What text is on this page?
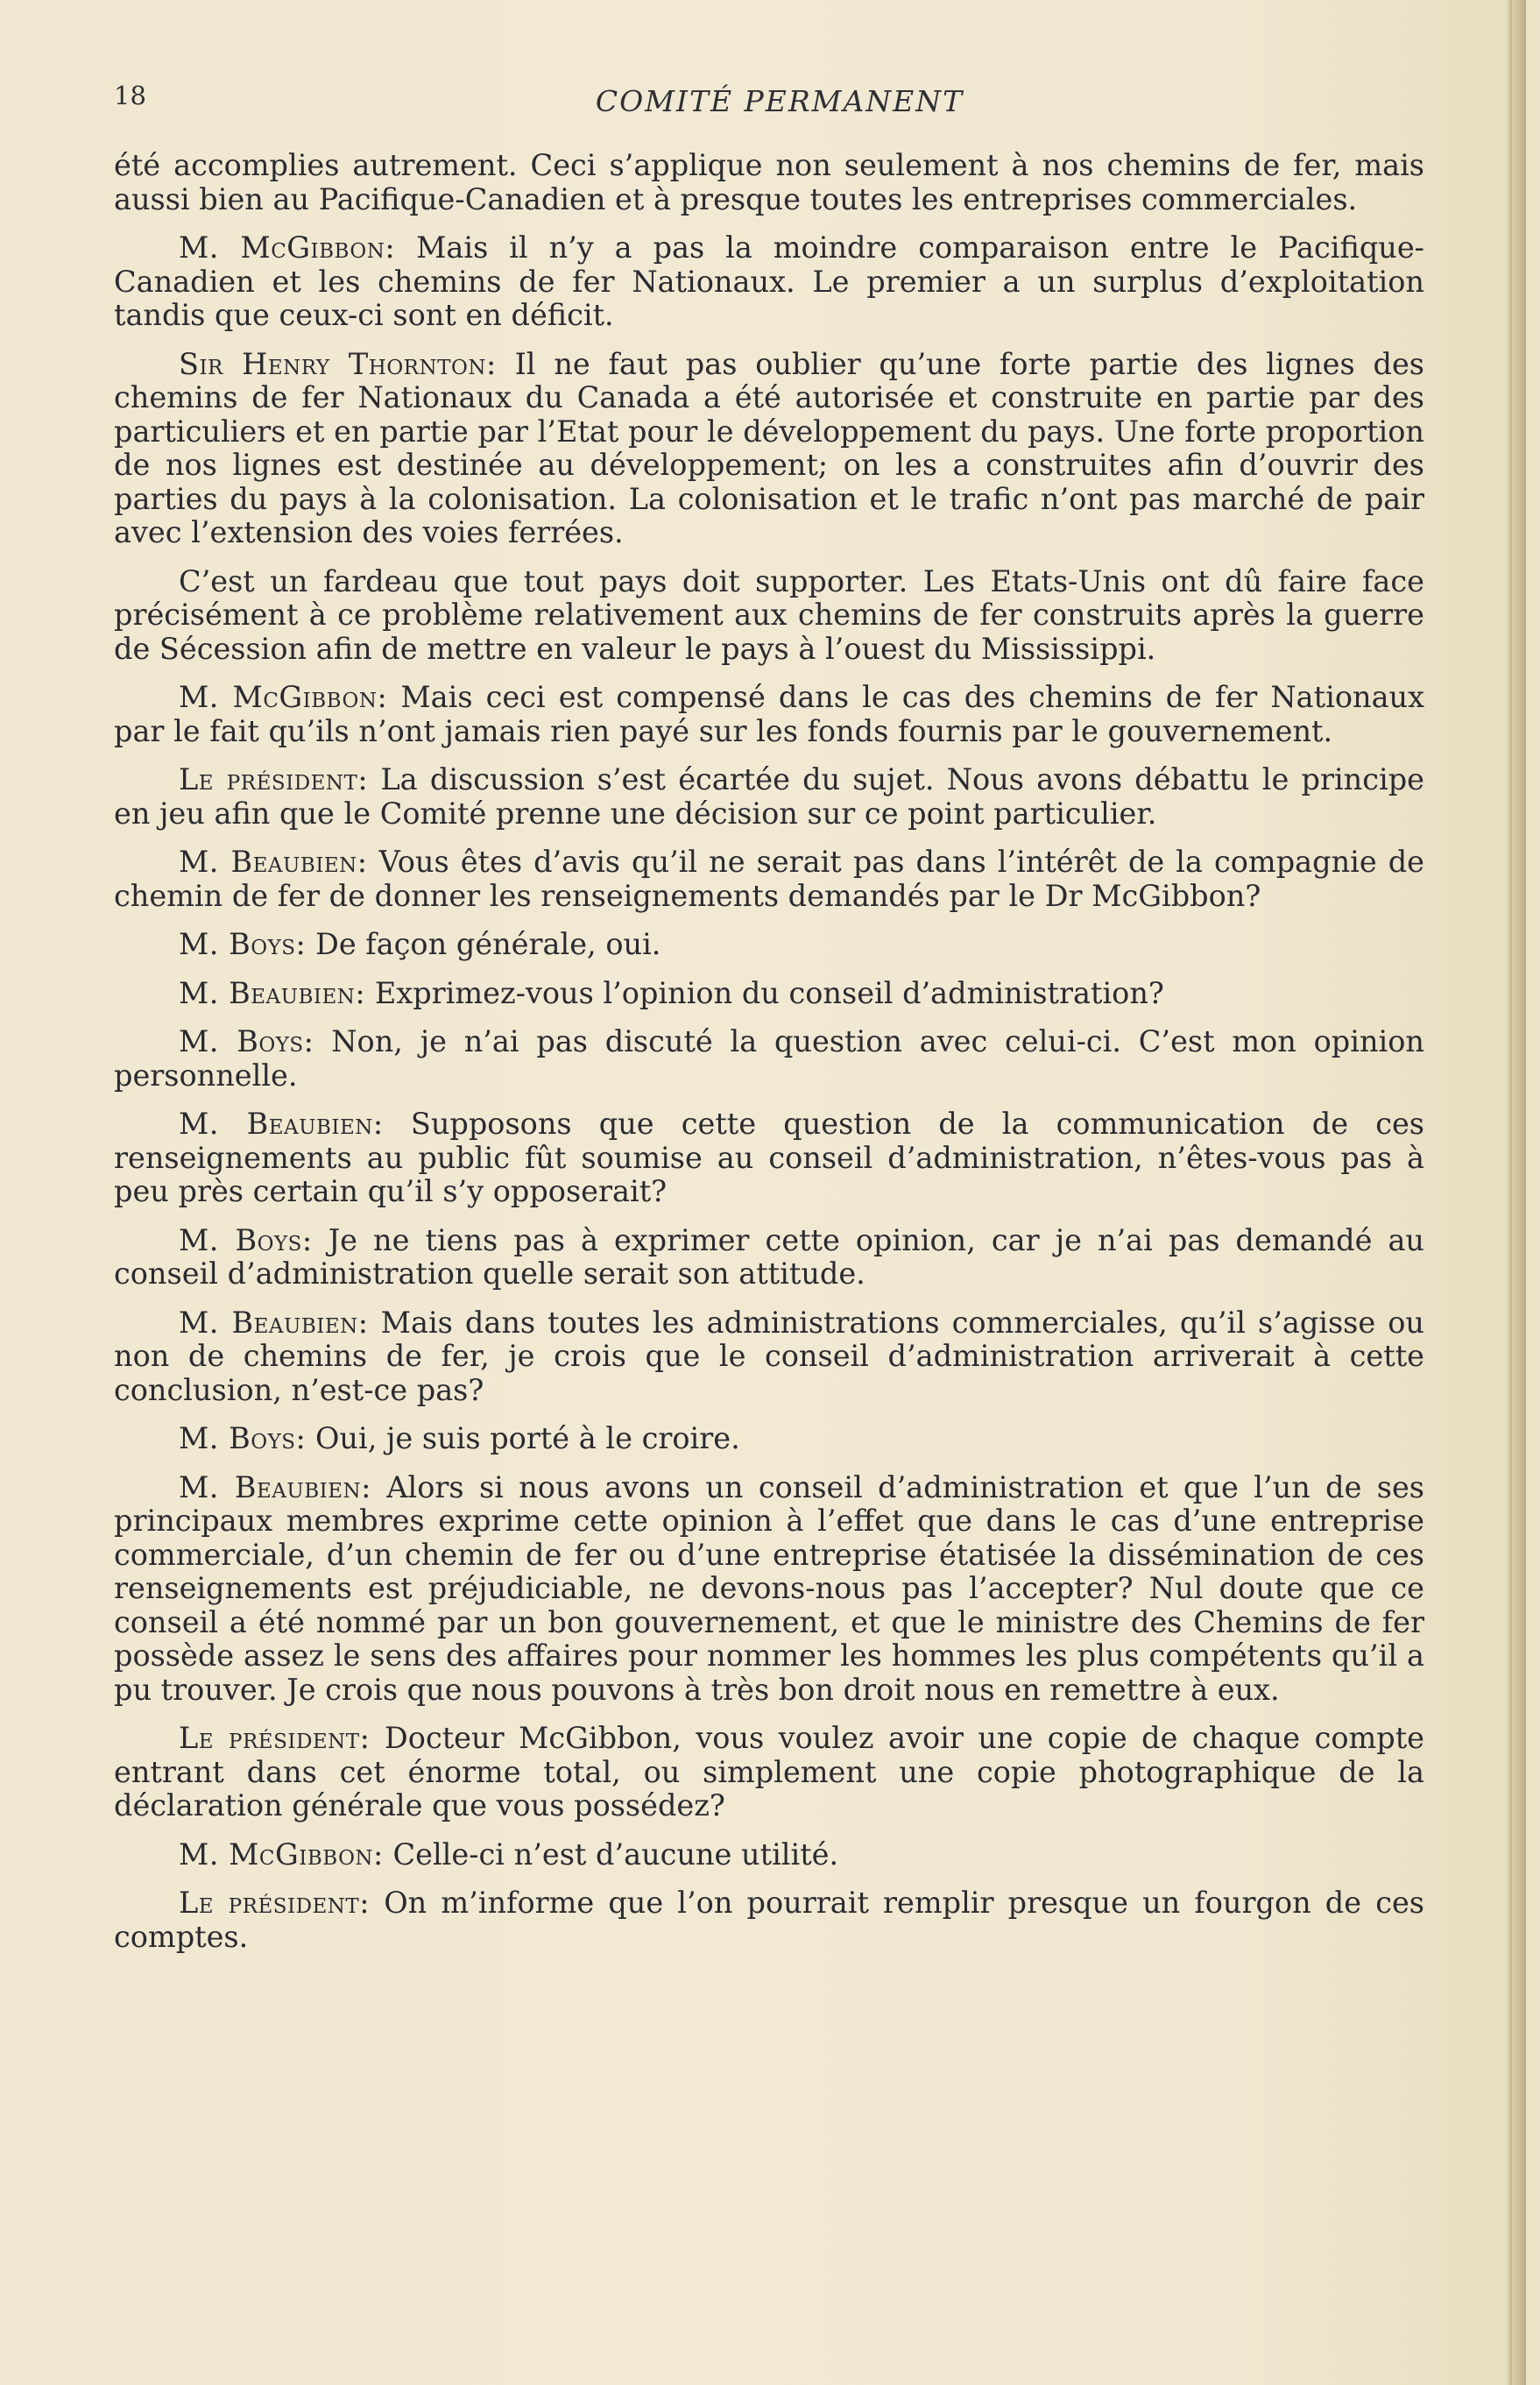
18	COMITÉ PERMANENT

été accomplies autrement. Ceci s’applique non seulement à nos chemins de fer, mais aussi bien au Pacifique-Canadien et à presque toutes les entreprises commerciales.

M. McGibbon: Mais il n’y a pas la moindre comparaison entre le Pacifique-Canadien et les chemins de fer Nationaux. Le premier a un surplus d’exploitation tandis que ceux-ci sont en déficit.

Sir Henry Thornton: Il ne faut pas oublier qu’une forte partie des lignes des chemins de fer Nationaux du Canada a été autorisée et construite en partie par des particuliers et en partie par l’Etat pour le développement du pays. Une forte proportion de nos lignes est destinée au développement; on les a construites afin d’ouvrir des parties du pays à la colonisation. La colonisation et le trafic n’ont pas marché de pair avec l’extension des voies ferrées.

C’est un fardeau que tout pays doit supporter. Les Etats-Unis ont dû faire face précisément à ce problème relativement aux chemins de fer construits après la guerre de Sécession afin de mettre en valeur le pays à l’ouest du Mississippi.

M. McGibbon: Mais ceci est compensé dans le cas des chemins de fer Nationaux par le fait qu’ils n’ont jamais rien payé sur les fonds fournis par le gouvernement.

Le président: La discussion s’est écartée du sujet. Nous avons débattu le principe en jeu afin que le Comité prenne une décision sur ce point particulier.

M. Beaubien: Vous êtes d’avis qu’il ne serait pas dans l’intérêt de la compagnie de chemin de fer de donner les renseignements demandés par le Dr McGibbon?

M. Boys: De façon générale, oui.

M. Beaubien: Exprimez-vous l’opinion du conseil d’administration?

M. Boys: Non, je n’ai pas discuté la question avec celui-ci. C’est mon opinion personnelle.

M. Beaubien: Supposons que cette question de la communication de ces renseignements au public fût soumise au conseil d’administration, n’êtes-vous pas à peu près certain qu’il s’y opposerait?

M. Boys: Je ne tiens pas à exprimer cette opinion, car je n’ai pas demandé au conseil d’administration quelle serait son attitude.

M. Beaubien: Mais dans toutes les administrations commerciales, qu’il s’agisse ou non de chemins de fer, je crois que le conseil d’administration arriverait à cette conclusion, n’est-ce pas?

M. Boys: Oui, je suis porté à le croire.

M. Beaubien: Alors si nous avons un conseil d’administration et que l’un de ses principaux membres exprime cette opinion à l’effet que dans le cas d’une entreprise commerciale, d’un chemin de fer ou d’une entreprise étatisée la dissémination de ces renseignements est préjudiciable, ne devons-nous pas l’accepter? Nul doute que ce conseil a été nommé par un bon gouvernement, et que le ministre des Chemins de fer possède assez le sens des affaires pour nommer les hommes les plus compétents qu’il a pu trouver. Je crois que nous pouvons à très bon droit nous en remettre à eux.

Le président: Docteur McGibbon, vous voulez avoir une copie de chaque compte entrant dans cet énorme total, ou simplement une copie photographique de la déclaration générale que vous possédez?

M. McGibbon: Celle-ci n’est d’aucune utilité.

Le président: On m’informe que l’on pourrait remplir presque un fourgon de ces comptes.
